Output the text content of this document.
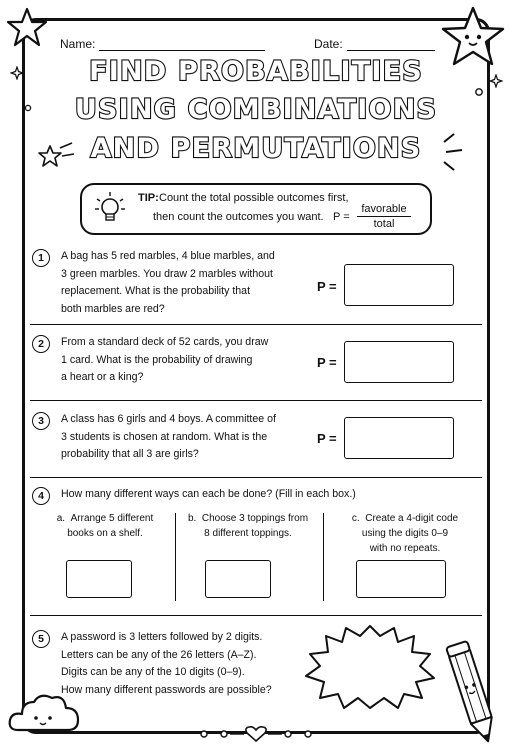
Name:	Date:
FIND PROBABILITIES
USING COMBINATIONS
AND PERMUTATIONS
TIP: Count the total possible outcomes first,
then count the outcomes you want. P =
favorable
total
1	A bag has 5 red marbles, 4 blue marbles, and
3 green marbles. You draw 2 marbles without
replacement. What is the probability that
both marbles are red?
P =
2	From a standard deck of 52 cards, you draw
1 card. What is the probability of drawing
a heart or a king?
P =
3	A class has 6 girls and 4 boys. A committee of
3 students is chosen at random. What is the
probability that all 3 are girls?
P =
4	How many different ways can each be done? (Fill in each box.)
a. Arrange 5 different
books on a shelf.
b. Choose 3 toppings from
8 different toppings.
c. Create a 4-digit code
using the digits 0–9
with no repeats.
5	A password is 3 letters followed by 2 digits.
Letters can be any of the 26 letters (A–Z).
Digits can be any of the 10 digits (0–9).
How many different passwords are possible?
